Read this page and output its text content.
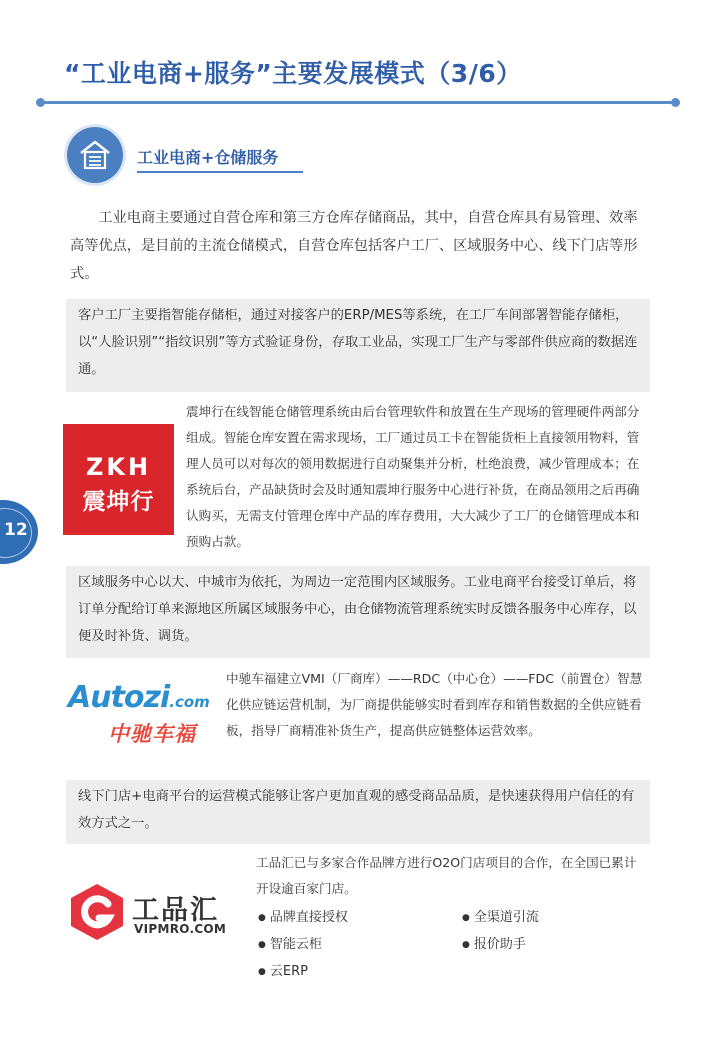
“工业电商+服务”主要发展模式（3/6）
工业电商+仓储服务
工业电商主要通过自营仓库和第三方仓库存储商品，其中，自营仓库具有易管理、效率高等优点，是目前的主流仓储模式，自营仓库包括客户工厂、区域服务中心、线下门店等形式。
客户工厂主要指智能存储柜，通过对接客户的ERP/MES等系统，在工厂车间部署智能存储柜，以“人脸识别”“指纹识别”等方式验证身份，存取工业品，实现工厂生产与零部件供应商的数据连通。
ZKH
震坤行
震坤行在线智能仓储管理系统由后台管理软件和放置在生产现场的管理硬件两部分组成。智能仓库安置在需求现场，工厂通过员工卡在智能货柜上直接领用物料，管理人员可以对每次的领用数据进行自动聚集并分析，杜绝浪费，减少管理成本；在系统后台，产品缺货时会及时通知震坤行服务中心进行补货，在商品领用之后再确认购买，无需支付管理仓库中产品的库存费用，大大减少了工厂的仓储管理成本和预购占款。
区域服务中心以大、中城市为依托，为周边一定范围内区域服务。工业电商平台接受订单后，将订单分配给订单来源地区所属区域服务中心，由仓储物流管理系统实时反馈各服务中心库存，以便及时补货、调货。
Autozi.com
中驰车福
中驰车福建立VMI（厂商库）——RDC（中心仓）——FDC（前置仓）智慧化供应链运营机制，为厂商提供能够实时看到库存和销售数据的全供应链看板，指导厂商精准补货生产，提高供应链整体运营效率。
线下门店+电商平台的运营模式能够让客户更加直观的感受商品品质，是快速获得用户信任的有效方式之一。
工品汇
VIPMRO.COM
工品汇已与多家合作品牌方进行O2O门店项目的合作，在全国已累计开设逾百家门店。
● 品牌直接授权	● 全渠道引流
● 智能云柜	● 报价助手
● 云ERP
12
